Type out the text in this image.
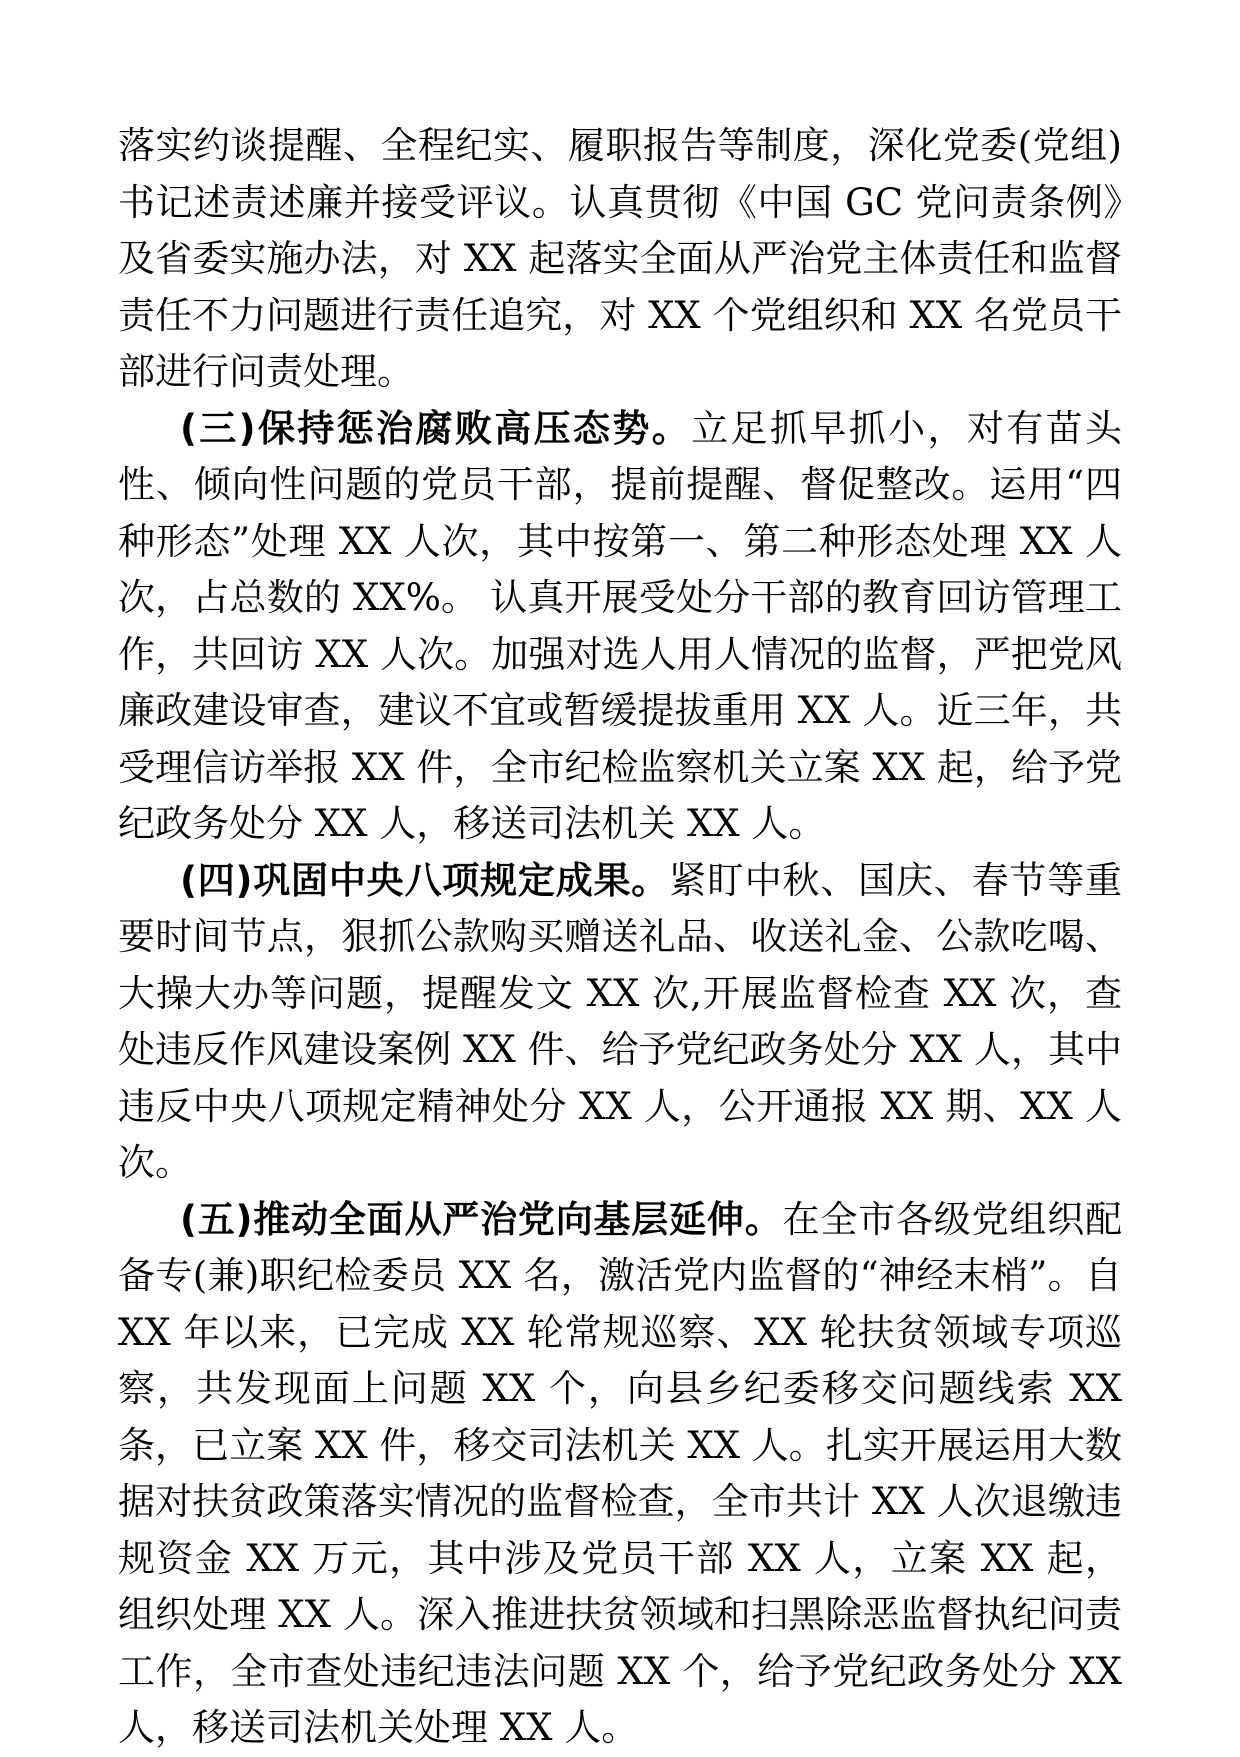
落实约谈提醒、全程纪实、履职报告等制度，深化党委(党组)书记述责述廉并接受评议。认真贯彻《中国 GC 党问责条例》及省委实施办法，对 XX 起落实全面从严治党主体责任和监督责任不力问题进行责任追究，对 XX 个党组织和 XX 名党员干部进行问责处理。

(三)保持惩治腐败高压态势。立足抓早抓小，对有苗头性、倾向性问题的党员干部，提前提醒、督促整改。运用“四种形态”处理 XX 人次，其中按第一、第二种形态处理 XX 人次，占总数的 XX%。 认真开展受处分干部的教育回访管理工作，共回访 XX 人次。加强对选人用人情况的监督，严把党风廉政建设审查，建议不宜或暂缓提拔重用 XX 人。近三年，共受理信访举报 XX 件，全市纪检监察机关立案 XX 起，给予党纪政务处分 XX 人，移送司法机关 XX 人。

(四)巩固中央八项规定成果。紧盯中秋、国庆、春节等重要时间节点，狠抓公款购买赠送礼品、收送礼金、公款吃喝、大操大办等问题，提醒发文 XX 次,开展监督检查 XX 次，查处违反作风建设案例 XX 件、给予党纪政务处分 XX 人，其中违反中央八项规定精神处分 XX 人，公开通报 XX 期、XX 人次。

(五)推动全面从严治党向基层延伸。在全市各级党组织配备专(兼)职纪检委员 XX 名，激活党内监督的“神经末梢”。自 XX 年以来，已完成 XX 轮常规巡察、XX 轮扶贫领域专项巡察，共发现面上问题 XX 个，向县乡纪委移交问题线索 XX 条，已立案 XX 件，移交司法机关 XX 人。扎实开展运用大数据对扶贫政策落实情况的监督检查，全市共计 XX 人次退缴违规资金 XX 万元，其中涉及党员干部 XX 人，立案 XX 起，组织处理 XX 人。深入推进扶贫领域和扫黑除恶监督执纪问责工作，全市查处违纪违法问题 XX 个，给予党纪政务处分 XX 人，移送司法机关处理 XX 人。
